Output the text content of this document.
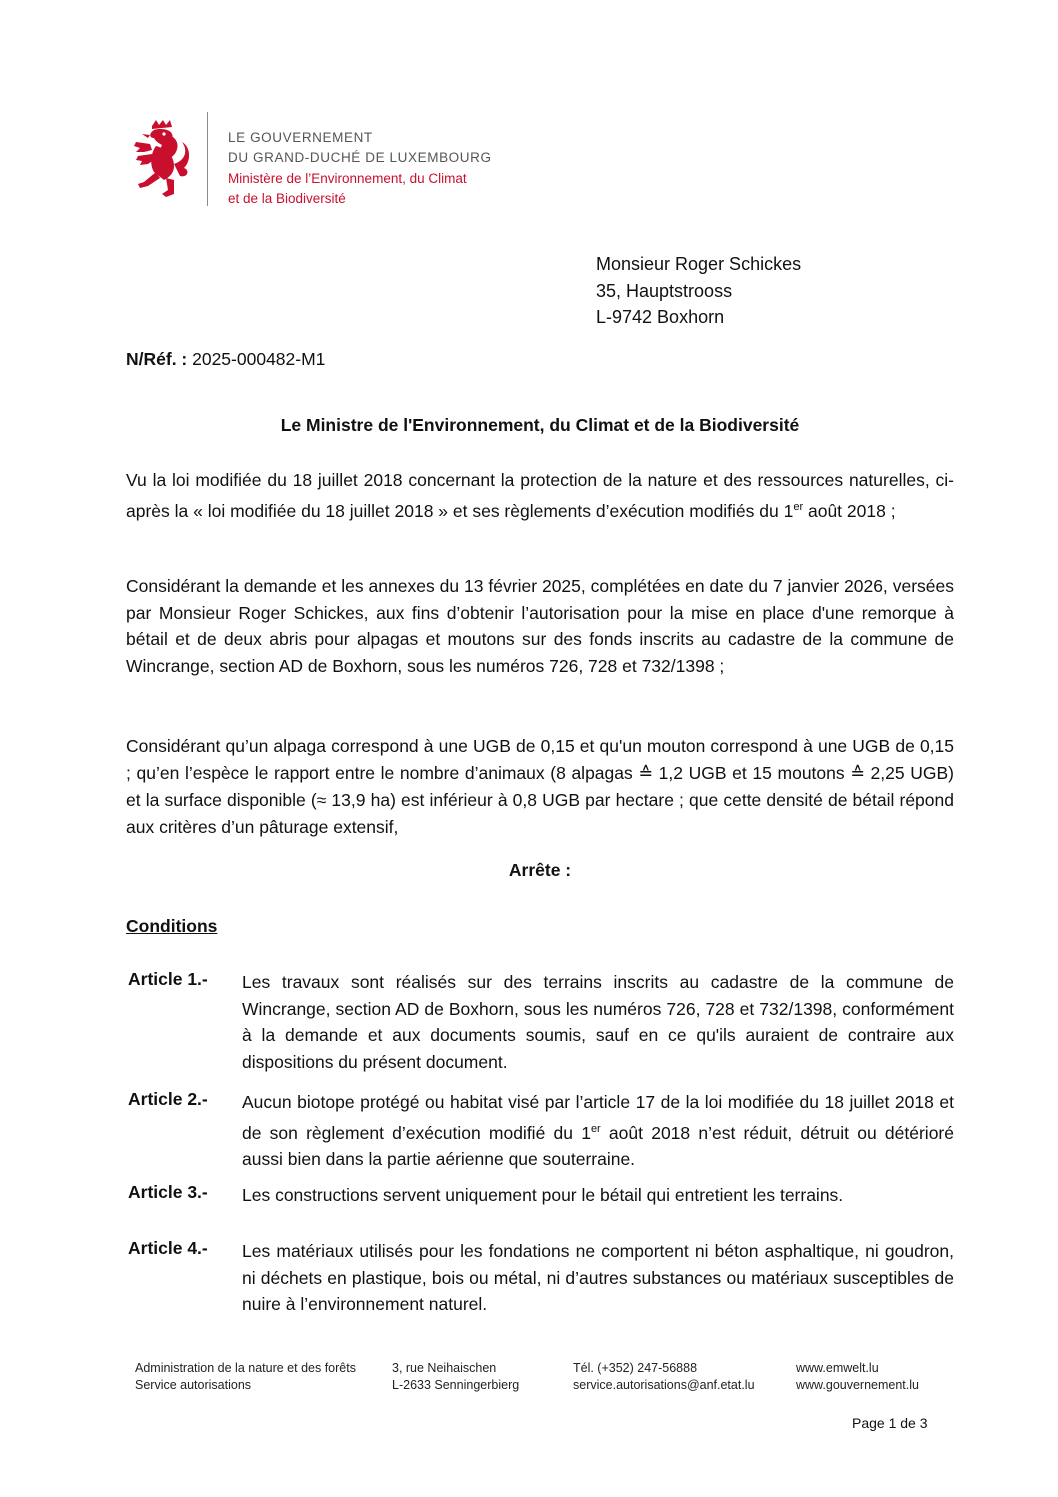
LE GOUVERNEMENT
DU GRAND-DUCHÉ DE LUXEMBOURG
Ministère de l’Environnement, du Climat
et de la Biodiversité
Monsieur Roger Schickes
35, Hauptstrooss
L-9742 Boxhorn
N/Réf. : 2025-000482-M1
Le Ministre de l'Environnement, du Climat et de la Biodiversité
Vu la loi modifiée du 18 juillet 2018 concernant la protection de la nature et des ressources naturelles, ci-après la « loi modifiée du 18 juillet 2018 » et ses règlements d’exécution modifiés du 1er août 2018 ;
Considérant la demande et les annexes du 13 février 2025, complétées en date du 7 janvier 2026, versées par Monsieur Roger Schickes, aux fins d’obtenir l’autorisation pour la mise en place d'une remorque à bétail et de deux abris pour alpagas et moutons sur des fonds inscrits au cadastre de la commune de Wincrange, section AD de Boxhorn, sous les numéros 726, 728 et 732/1398 ;
Considérant qu’un alpaga correspond à une UGB de 0,15 et qu'un mouton correspond à une UGB de 0,15 ; qu’en l’espèce le rapport entre le nombre d’animaux (8 alpagas ≙ 1,2 UGB et 15 moutons ≙ 2,25 UGB) et la surface disponible (≈ 13,9 ha) est inférieur à 0,8 UGB par hectare ; que cette densité de bétail répond aux critères d’un pâturage extensif,
Arrête :
Conditions
Article 1.- Les travaux sont réalisés sur des terrains inscrits au cadastre de la commune de Wincrange, section AD de Boxhorn, sous les numéros 726, 728 et 732/1398, conformément à la demande et aux documents soumis, sauf en ce qu'ils auraient de contraire aux dispositions du présent document.
Article 2.- Aucun biotope protégé ou habitat visé par l’article 17 de la loi modifiée du 18 juillet 2018 et de son règlement d’exécution modifié du 1er août 2018 n’est réduit, détruit ou détérioré aussi bien dans la partie aérienne que souterraine.
Article 3.- Les constructions servent uniquement pour le bétail qui entretient les terrains.
Article 4.- Les matériaux utilisés pour les fondations ne comportent ni béton asphaltique, ni goudron, ni déchets en plastique, bois ou métal, ni d’autres substances ou matériaux susceptibles de nuire à l’environnement naturel.
Administration de la nature et des forêts
Service autorisations
3, rue Neihaischen
L-2633 Senningerbierg
Tél. (+352) 247-56888
service.autorisations@anf.etat.lu
www.emwelt.lu
www.gouvernement.lu
Page 1 de 3
